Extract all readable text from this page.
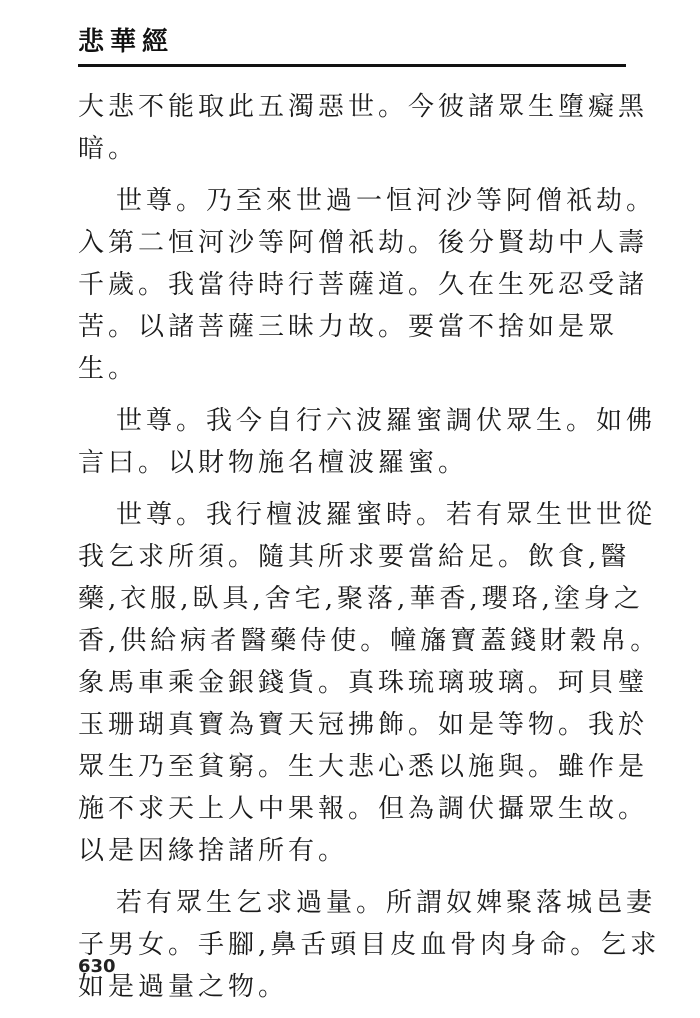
悲華經
大悲不能取此五濁惡世。今彼諸眾生墮癡黑
暗。
世尊。乃至來世過一恒河沙等阿僧祇劫。
入第二恒河沙等阿僧祇劫。後分賢劫中人壽
千歲。我當待時行菩薩道。久在生死忍受諸
苦。以諸菩薩三昧力故。要當不捨如是眾
生。
世尊。我今自行六波羅蜜調伏眾生。如佛
言曰。以財物施名檀波羅蜜。
世尊。我行檀波羅蜜時。若有眾生世世從
我乞求所須。隨其所求要當給足。飲食,醫
藥,衣服,臥具,舍宅,聚落,華香,瓔珞,塗身之
香,供給病者醫藥侍使。幢旛寶蓋錢財穀帛。
象馬車乘金銀錢貨。真珠琉璃玻璃。珂貝璧
玉珊瑚真寶為寶天冠拂飾。如是等物。我於
眾生乃至貧窮。生大悲心悉以施與。雖作是
施不求天上人中果報。但為調伏攝眾生故。
以是因緣捨諸所有。
若有眾生乞求過量。所謂奴婢聚落城邑妻
子男女。手腳,鼻舌頭目皮血骨肉身命。乞求
如是過量之物。
630
